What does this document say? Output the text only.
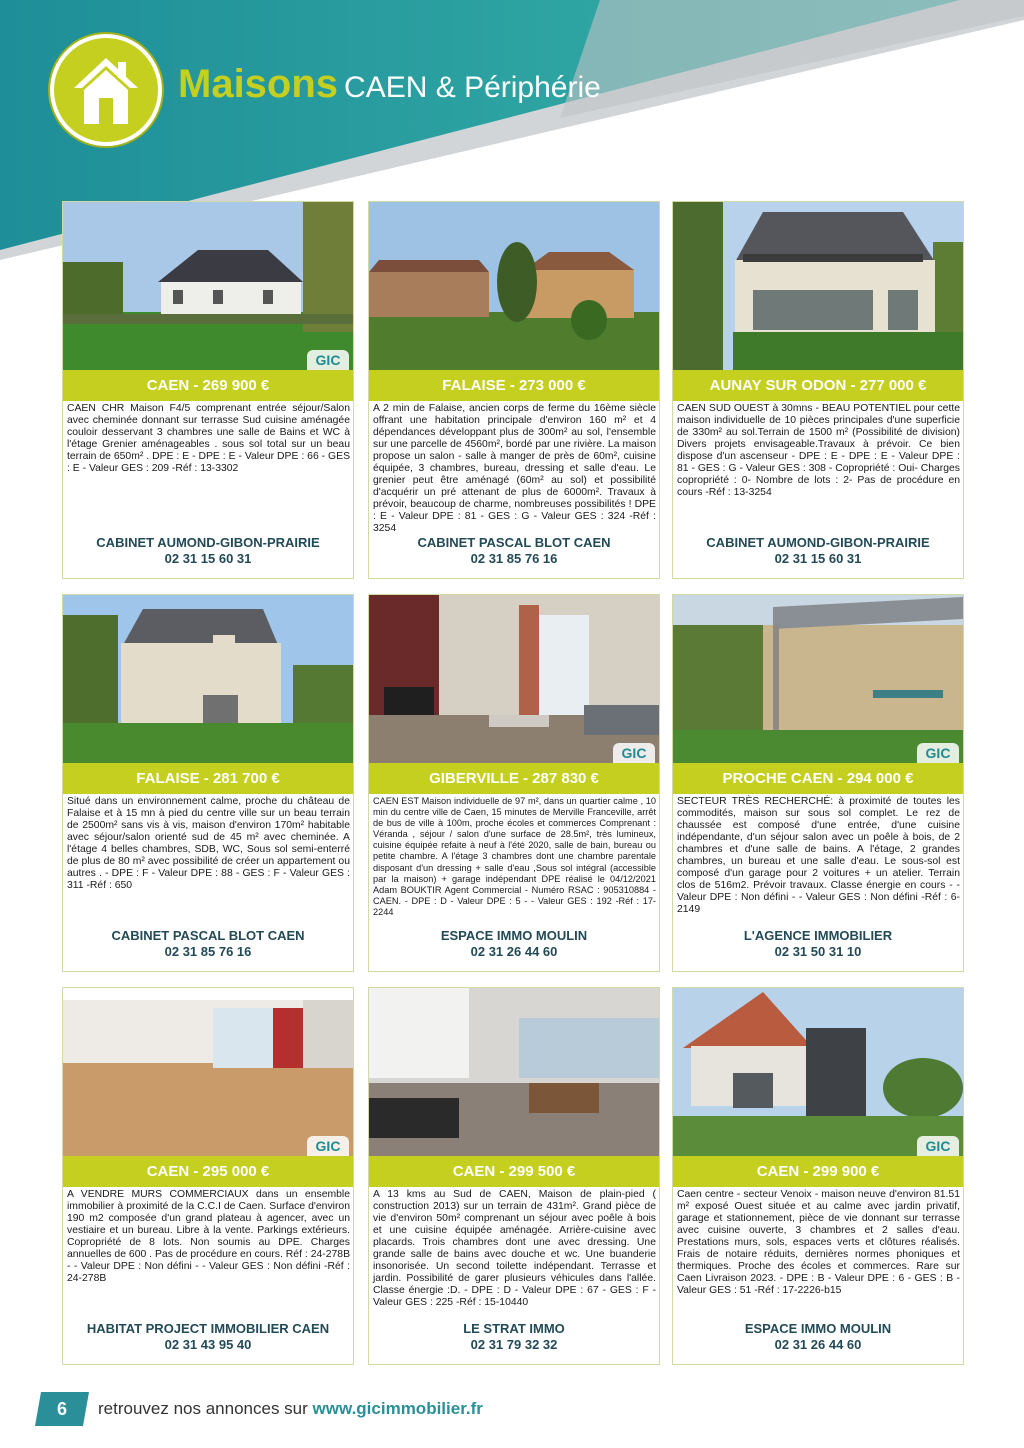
Maisons CAEN & Périphérie
GIC
CAEN - 269 900 €
CAEN CHR Maison F4/5 comprenant entrée séjour/Salon avec cheminée donnant sur terrasse Sud cuisine aménagée couloir desservant 3 chambres une salle de Bains et WC à l'étage Grenier aménageables . sous sol total sur un beau terrain de 650m² . DPE : E - DPE : E - Valeur DPE : 66 - GES : E - Valeur GES : 209 -Réf : 13-3302
CABINET AUMOND-GIBON-PRAIRIE
02 31 15 60 31
FALAISE - 273 000 €
A 2 min de Falaise, ancien corps de ferme du 16ème siècle offrant une habitation principale d'environ 160 m² et 4 dépendances développant plus de 300m² au sol, l'ensemble sur une parcelle de 4560m², bordé par une rivière. La maison propose un salon - salle à manger de près de 60m², cuisine équipée, 3 chambres, bureau, dressing et salle d'eau. Le grenier peut être aménagé (60m² au sol) et possibilité d'acquérir un pré attenant de plus de 6000m². Travaux à prévoir, beaucoup de charme, nombreuses possibilités ! DPE : E - Valeur DPE : 81 - GES : G - Valeur GES : 324 -Réf : 3254
CABINET PASCAL BLOT CAEN
02 31 85 76 16
AUNAY SUR ODON - 277 000 €
CAEN SUD OUEST à 30mns - BEAU POTENTIEL pour cette maison individuelle de 10 pièces principales d'une superficie de 330m² au sol.Terrain de 1500 m² (Possibilité de division) Divers projets envisageable.Travaux à prévoir. Ce bien dispose d'un ascenseur - DPE : E - DPE : E - Valeur DPE : 81 - GES : G - Valeur GES : 308 - Copropriété : Oui- Charges copropriété : 0- Nombre de lots : 2- Pas de procédure en cours -Réf : 13-3254
CABINET AUMOND-GIBON-PRAIRIE
02 31 15 60 31
FALAISE - 281 700 €
Situé dans un environnement calme, proche du château de Falaise et à 15 mn à pied du centre ville sur un beau terrain de 2500m² sans vis à vis, maison d'environ 170m² habitable avec séjour/salon orienté sud de 45 m² avec cheminée. A l'étage 4 belles chambres, SDB, WC, Sous sol semi-enterré de plus de 80 m² avec possibilité de créer un appartement ou autres . - DPE : F - Valeur DPE : 88 - GES : F - Valeur GES : 311 -Réf : 650
CABINET PASCAL BLOT CAEN
02 31 85 76 16
GIC
GIBERVILLE - 287 830 €
CAEN EST Maison individuelle de 97 m², dans un quartier calme , 10 min du centre ville de Caen, 15 minutes de Merville Franceville, arrêt de bus de ville à 100m, proche écoles et commerces Comprenant : Véranda , séjour / salon d'une surface de 28.5m², très lumineux, cuisine équipée refaite à neuf à l'été 2020, salle de bain, bureau ou petite chambre. A l'étage 3 chambres dont une chambre parentale disposant d'un dressing + salle d'eau ,Sous sol intégral (accessible par la maison) + garage indépendant DPE réalisé le 04/12/2021 Adam BOUKTIR Agent Commercial - Numéro RSAC : 905310884 - CAEN. - DPE : D - Valeur DPE : 5 - - Valeur GES : 192 -Réf : 17-2244
ESPACE IMMO MOULIN
02 31 26 44 60
GIC
PROCHE CAEN - 294 000 €
SECTEUR TRÈS RECHERCHÉ: à proximité de toutes les commodités, maison sur sous sol complet. Le rez de chaussée est composé d'une entrée, d'une cuisine indépendante, d'un séjour salon avec un poêle à bois, de 2 chambres et d'une salle de bains. A l'étage, 2 grandes chambres, un bureau et une salle d'eau. Le sous-sol est composé d'un garage pour 2 voitures + un atelier. Terrain clos de 516m2. Prévoir travaux. Classe énergie en cours - - Valeur DPE : Non défini - - Valeur GES : Non défini -Réf : 6-2149
L'AGENCE IMMOBILIER
02 31 50 31 10
GIC
CAEN - 295 000 €
A VENDRE MURS COMMERCIAUX dans un ensemble immobilier à proximité de la C.C.I de Caen. Surface d'environ 190 m2 composée d'un grand plateau à agencer, avec un vestiaire et un bureau. Libre à la vente. Parkings extérieurs. Copropriété de 8 lots. Non soumis au DPE. Charges annuelles de 600 . Pas de procédure en cours. Réf : 24-278B - - Valeur DPE : Non défini - - Valeur GES : Non défini -Réf : 24-278B
HABITAT PROJECT IMMOBILIER CAEN
02 31 43 95 40
CAEN - 299 500 €
A 13 kms au Sud de CAEN, Maison de plain-pied ( construction 2013) sur un terrain de 431m². Grand pièce de vie d'environ 50m² comprenant un séjour avec poêle à bois et une cuisine équipée aménagée. Arrière-cuisine avec placards. Trois chambres dont une avec dressing. Une grande salle de bains avec douche et wc. Une buanderie insonorisée. Un second toilette indépendant. Terrasse et jardin. Possibilité de garer plusieurs véhicules dans l'allée. Classe énergie :D. - DPE : D - Valeur DPE : 67 - GES : F - Valeur GES : 225 -Réf : 15-10440
LE STRAT IMMO
02 31 79 32 32
GIC
CAEN - 299 900 €
Caen centre - secteur Venoix - maison neuve d'environ 81.51 m² exposé Ouest située et au calme avec jardin privatif, garage et stationnement, pièce de vie donnant sur terrasse avec cuisine ouverte, 3 chambres et 2 salles d'eau. Prestations murs, sols, espaces verts et clôtures réalisés. Frais de notaire réduits, dernières normes phoniques et thermiques. Proche des écoles et commerces. Rare sur Caen Livraison 2023. - DPE : B - Valeur DPE : 6 - GES : B - Valeur GES : 51 -Réf : 17-2226-b15
ESPACE IMMO MOULIN
02 31 26 44 60
6	retrouvez nos annonces sur www.gicimmobilier.fr
